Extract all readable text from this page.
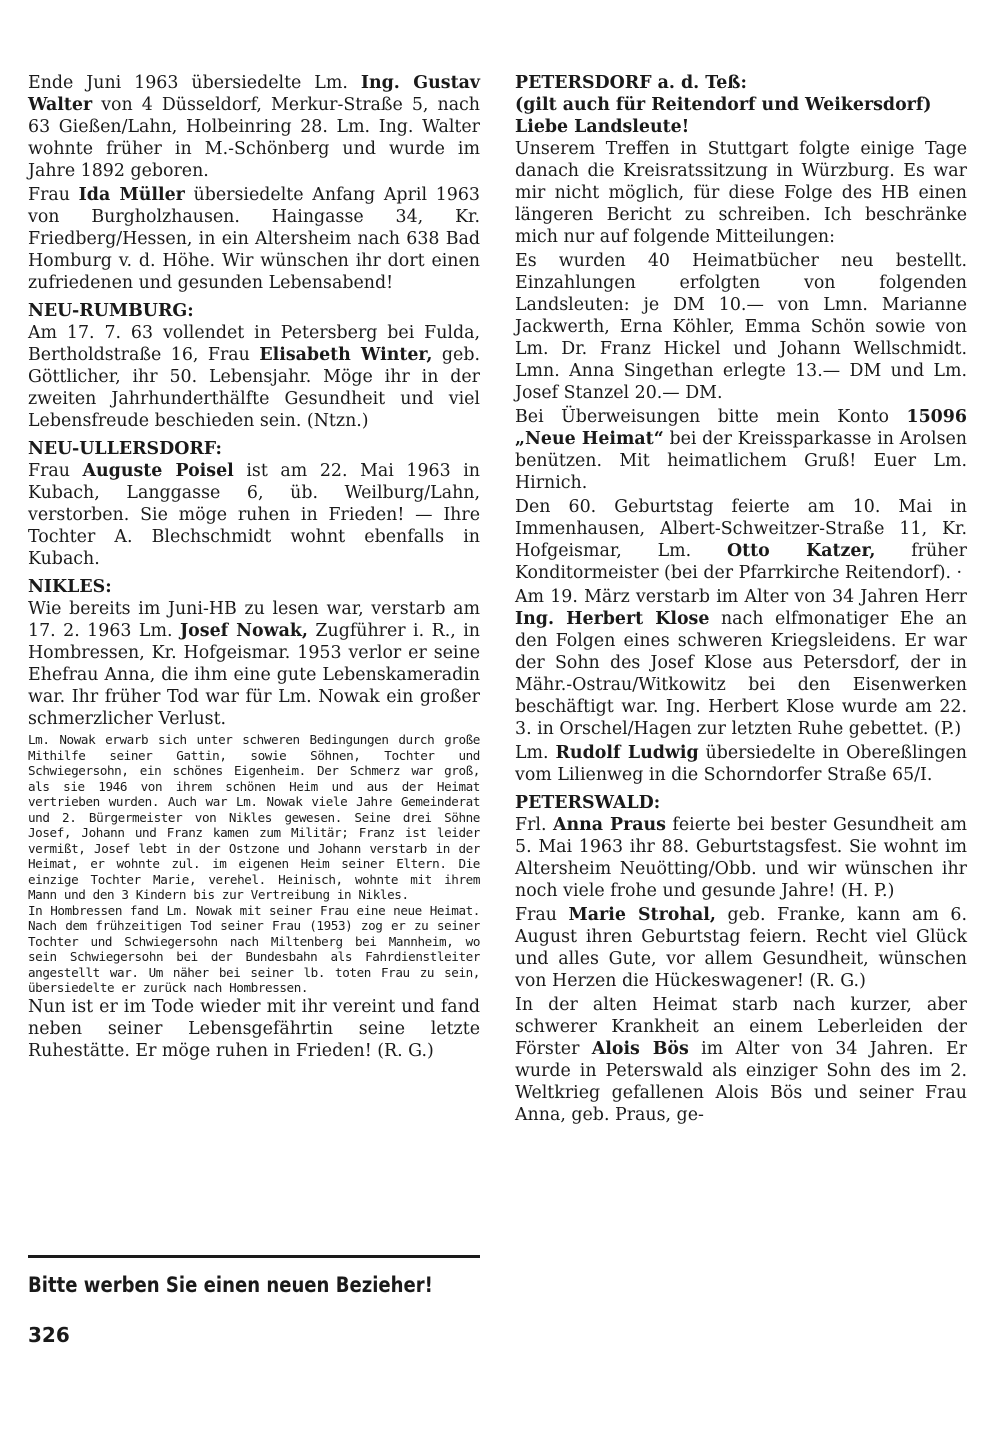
Ende Juni 1963 übersiedelte Lm. Ing. Gustav Walter von 4 Düsseldorf, Merkur-Straße 5, nach 63 Gießen/Lahn, Holbeinring 28. Lm. Ing. Walter wohnte früher in M.-Schönberg und wurde im Jahre 1892 geboren.

Frau Ida Müller übersiedelte Anfang April 1963 von Burgholzhausen. Haingasse 34, Kr. Friedberg/Hessen, in ein Altersheim nach 638 Bad Homburg v. d. Höhe. Wir wünschen ihr dort einen zufriedenen und gesunden Lebensabend!

NEU-RUMBURG:

Am 17. 7. 63 vollendet in Petersberg bei Fulda, Bertholdstraße 16, Frau Elisabeth Winter, geb. Göttlicher, ihr 50. Lebensjahr. Möge ihr in der zweiten Jahrhunderthälfte Gesundheit und viel Lebensfreude beschieden sein. (Ntzn.)

NEU-ULLERSDORF:

Frau Auguste Poisel ist am 22. Mai 1963 in Kubach, Langgasse 6, üb. Weilburg/Lahn, verstorben. Sie möge ruhen in Frieden! — Ihre Tochter A. Blechschmidt wohnt ebenfalls in Kubach.

NIKLES:

Wie bereits im Juni-HB zu lesen war, verstarb am 17. 2. 1963 Lm. Josef Nowak, Zugführer i. R., in Hombressen, Kr. Hofgeismar. 1953 verlor er seine Ehefrau Anna, die ihm eine gute Lebenskameradin war. Ihr früher Tod war für Lm. Nowak ein großer schmerzlicher Verlust.

Lm. Nowak erwarb sich unter schweren Bedingungen durch große Mithilfe seiner Gattin, sowie Söhnen, Tochter und Schwiegersohn, ein schönes Eigenheim. Der Schmerz war groß, als sie 1946 von ihrem schönen Heim und aus der Heimat vertrieben wurden. Auch war Lm. Nowak viele Jahre Gemeinderat und 2. Bürgermeister von Nikles gewesen. Seine drei Söhne Josef, Johann und Franz kamen zum Militär; Franz ist leider vermißt, Josef lebt in der Ostzone und Johann verstarb in der Heimat, er wohnte zul. im eigenen Heim seiner Eltern. Die einzige Tochter Marie, verehel. Heinisch, wohnte mit ihrem Mann und den 3 Kindern bis zur Vertreibung in Nikles.

In Hombressen fand Lm. Nowak mit seiner Frau eine neue Heimat. Nach dem frühzeitigen Tod seiner Frau (1953) zog er zu seiner Tochter und Schwiegersohn nach Miltenberg bei Mannheim, wo sein Schwiegersohn bei der Bundesbahn als Fahrdienstleiter angestellt war. Um näher bei seiner lb. toten Frau zu sein, übersiedelte er zurück nach Hombressen.

Nun ist er im Tode wieder mit ihr vereint und fand neben seiner Lebensgefährtin seine letzte Ruhestätte. Er möge ruhen in Frieden! (R. G.)

Bitte werben Sie einen neuen Bezieher!

326

PETERSDORF a. d. Teß:

(gilt auch für Reitendorf und Weikersdorf)

Liebe Landsleute!

Unserem Treffen in Stuttgart folgte einige Tage danach die Kreisratssitzung in Würzburg. Es war mir nicht möglich, für diese Folge des HB einen längeren Bericht zu schreiben. Ich beschränke mich nur auf folgende Mitteilungen:

Es wurden 40 Heimatbücher neu bestellt. Einzahlungen erfolgten von folgenden Landsleuten: je DM 10.— von Lmn. Marianne Jackwerth, Erna Köhler, Emma Schön sowie von Lm. Dr. Franz Hickel und Johann Wellschmidt. Lmn. Anna Singethan erlegte 13.— DM und Lm. Josef Stanzel 20.— DM.

Bei Überweisungen bitte mein Konto 15096 „Neue Heimat“ bei der Kreissparkasse in Arolsen benützen. Mit heimatlichem Gruß! Euer Lm. Hirnich.

Den 60. Geburtstag feierte am 10. Mai in Immenhausen, Albert-Schweitzer-Straße 11, Kr. Hofgeismar, Lm. Otto Katzer, früher Konditormeister (bei der Pfarrkirche Reitendorf). ·

Am 19. März verstarb im Alter von 34 Jahren Herr Ing. Herbert Klose nach elfmonatiger Ehe an den Folgen eines schweren Kriegsleidens. Er war der Sohn des Josef Klose aus Petersdorf, der in Mähr.-Ostrau/Witkowitz bei den Eisenwerken beschäftigt war. Ing. Herbert Klose wurde am 22. 3. in Orschel/Hagen zur letzten Ruhe gebettet. (P.)

Lm. Rudolf Ludwig übersiedelte in Obereßlingen vom Lilienweg in die Schorndorfer Straße 65/I.

PETERSWALD:

Frl. Anna Praus feierte bei bester Gesundheit am 5. Mai 1963 ihr 88. Geburtstagsfest. Sie wohnt im Altersheim Neuötting/Obb. und wir wünschen ihr noch viele frohe und gesunde Jahre! (H. P.)

Frau Marie Strohal, geb. Franke, kann am 6. August ihren Geburtstag feiern. Recht viel Glück und alles Gute, vor allem Gesundheit, wünschen von Herzen die Hückeswagener! (R. G.)

In der alten Heimat starb nach kurzer, aber schwerer Krankheit an einem Leberleiden der Förster Alois Bös im Alter von 34 Jahren. Er wurde in Peterswald als einziger Sohn des im 2. Weltkrieg gefallenen Alois Bös und seiner Frau Anna, geb. Praus, ge-
